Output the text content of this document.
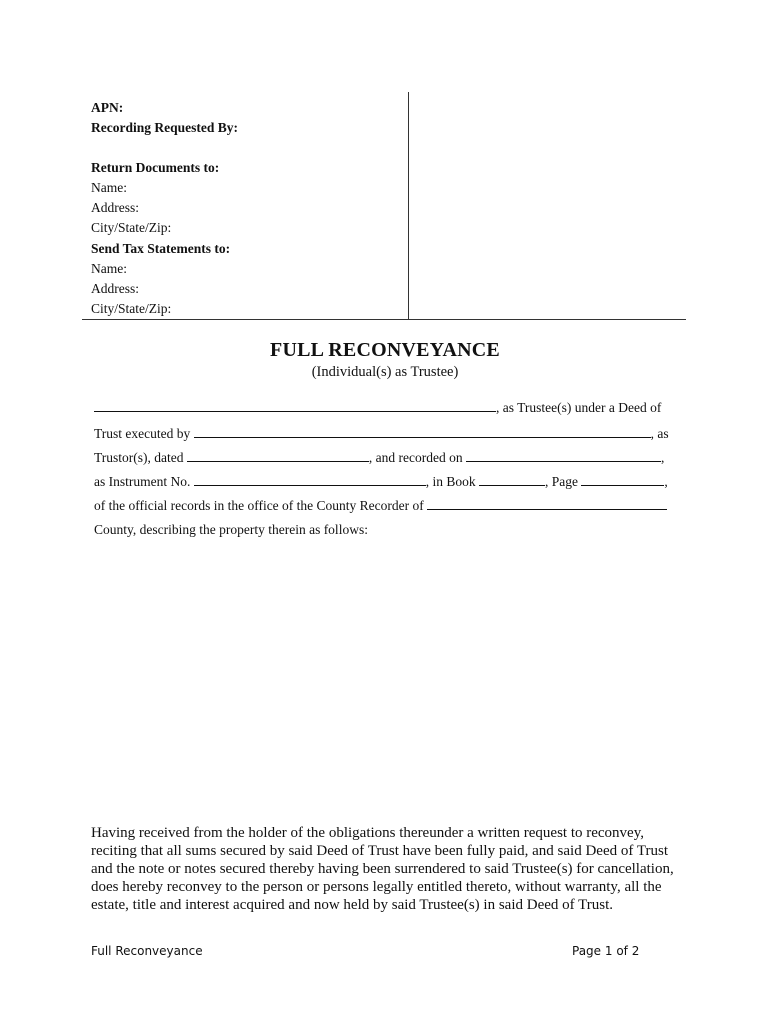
APN:
Recording Requested By:
Return Documents to:
Name:
Address:
City/State/Zip:
Send Tax Statements to:
Name:
Address:
City/State/Zip:
FULL RECONVEYANCE
(Individual(s) as Trustee)
, as Trustee(s) under a Deed of
Trust executed by	, as
Trustor(s), dated	, and recorded on	,
as Instrument No.	, in Book	, Page	,
of the official records in the office of the County Recorder of
County, describing the property therein as follows:
Having received from the holder of the obligations thereunder a written request to reconvey,
reciting that all sums secured by said Deed of Trust have been fully paid, and said Deed of Trust
and the note or notes secured thereby having been surrendered to said Trustee(s) for cancellation,
does hereby reconvey to the person or persons legally entitled thereto, without warranty, all the
estate, title and interest acquired and now held by said Trustee(s) in said Deed of Trust.
Full Reconveyance	Page 1 of 2
